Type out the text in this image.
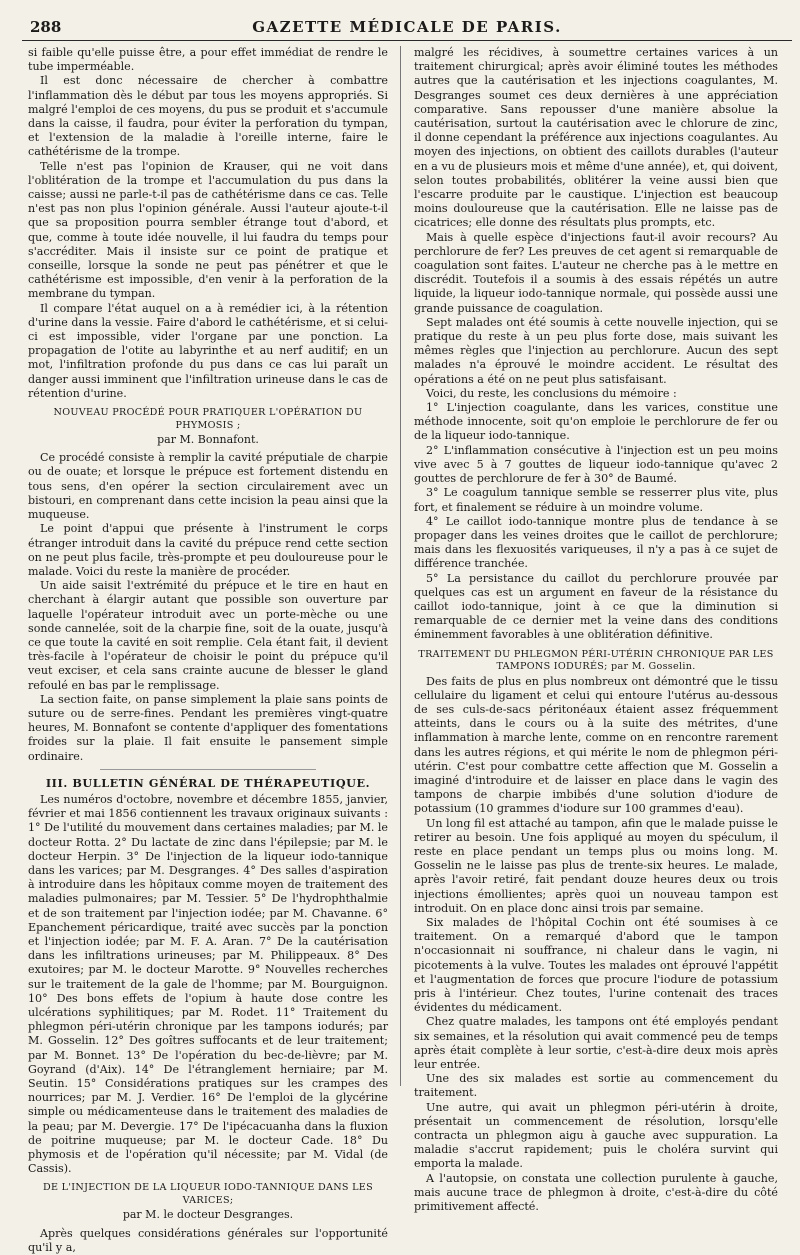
288	GAZETTE MÉDICALE DE PARIS.

si faible qu'elle puisse être, a pour effet immédiat de rendre le tube imperméable.

Il est donc nécessaire de chercher à combattre l'inflammation dès le début par tous les moyens appropriés. Si malgré l'emploi de ces moyens, du pus se produit et s'accumule dans la caisse, il faudra, pour éviter la perforation du tympan, et l'extension de la maladie à l'oreille interne, faire le cathétérisme de la trompe.

Telle n'est pas l'opinion de Krauser, qui ne voit dans l'oblitération de la trompe et l'accumulation du pus dans la caisse; aussi ne parle-t-il pas de cathétérisme dans ce cas. Telle n'est pas non plus l'opinion générale. Aussi l'auteur ajoute-t-il que sa proposition pourra sembler étrange tout d'abord, et que, comme à toute idée nouvelle, il lui faudra du temps pour s'accréditer. Mais il insiste sur ce point de pratique et conseille, lorsque la sonde ne peut pas pénétrer et que le cathétérisme est impossible, d'en venir à la perforation de la membrane du tympan.

Il compare l'état auquel on a à remédier ici, à la rétention d'urine dans la vessie. Faire d'abord le cathétérisme, et si celui-ci est impossible, vider l'organe par une ponction. La propagation de l'otite au labyrinthe et au nerf auditif; en un mot, l'infiltration profonde du pus dans ce cas lui paraît un danger aussi imminent que l'infiltration urineuse dans le cas de rétention d'urine.

NOUVEAU PROCÉDÉ POUR PRATIQUER L'OPÉRATION DU PHYMOSIS ;
par M. Bonnafont.

Ce procédé consiste à remplir la cavité préputiale de charpie ou de ouate; et lorsque le prépuce est fortement distendu en tous sens, d'en opérer la section circulairement avec un bistouri, en comprenant dans cette incision la peau ainsi que la muqueuse.

Le point d'appui que présente à l'instrument le corps étranger introduit dans la cavité du prépuce rend cette section on ne peut plus facile, très-prompte et peu douloureuse pour le malade. Voici du reste la manière de procéder.

Un aide saisit l'extrémité du prépuce et le tire en haut en cherchant à élargir autant que possible son ouverture par laquelle l'opérateur introduit avec un porte-mèche ou une sonde cannelée, soit de la charpie fine, soit de la ouate, jusqu'à ce que toute la cavité en soit remplie. Cela étant fait, il devient très-facile à l'opérateur de choisir le point du prépuce qu'il veut exciser, et cela sans crainte aucune de blesser le gland refoulé en bas par le remplissage.

La section faite, on panse simplement la plaie sans points de suture ou de serre-fines. Pendant les premières vingt-quatre heures, M. Bonnafont se contente d'appliquer des fomentations froides sur la plaie. Il fait ensuite le pansement simple ordinaire.

III. BULLETIN GÉNÉRAL DE THÉRAPEUTIQUE.

Les numéros d'octobre, novembre et décembre 1855, janvier, février et mai 1856 contiennent les travaux originaux suivants : 1° De l'utilité du mouvement dans certaines maladies; par M. le docteur Rotta. 2° Du lactate de zinc dans l'épilepsie; par M. le docteur Herpin. 3° De l'injection de la liqueur iodo-tannique dans les varices; par M. Desgranges. 4° Des salles d'aspiration à introduire dans les hôpitaux comme moyen de traitement des maladies pulmonaires; par M. Tessier. 5° De l'hydrophthalmie et de son traitement par l'injection iodée; par M. Chavanne. 6° Epanchement péricardique, traité avec succès par la ponction et l'injection iodée; par M. F. A. Aran. 7° De la cautérisation dans les infiltrations urineuses; par M. Philippeaux. 8° Des exutoires; par M. le docteur Marotte. 9° Nouvelles recherches sur le traitement de la gale de l'homme; par M. Bourguignon. 10° Des bons effets de l'opium à haute dose contre les ulcérations syphilitiques; par M. Rodet. 11° Traitement du phlegmon péri-utérin chronique par les tampons iodurés; par M. Gosselin. 12° Des goîtres suffocants et de leur traitement; par M. Bonnet. 13° De l'opération du bec-de-lièvre; par M. Goyrand (d'Aix). 14° De l'étranglement herniaire; par M. Seutin. 15° Considérations pratiques sur les crampes des nourrices; par M. J. Verdier. 16° De l'emploi de la glycérine simple ou médicamenteuse dans le traitement des maladies de la peau; par M. Devergie. 17° De l'ipécacuanha dans la fluxion de poitrine muqueuse; par M. le docteur Cade. 18° Du phymosis et de l'opération qu'il nécessite; par M. Vidal (de Cassis).

DE L'INJECTION DE LA LIQUEUR IODO-TANNIQUE DANS LES VARICES;
par M. le docteur Desgranges.

Après quelques considérations générales sur l'opportunité qu'il y a,

malgré les récidives, à soumettre certaines varices à un traitement chirurgical; après avoir éliminé toutes les méthodes autres que la cautérisation et les injections coagulantes, M. Desgranges soumet ces deux dernières à une appréciation comparative. Sans repousser d'une manière absolue la cautérisation, surtout la cautérisation avec le chlorure de zinc, il donne cependant la préférence aux injections coagulantes. Au moyen des injections, on obtient des caillots durables (l'auteur en a vu de plusieurs mois et même d'une année), et, qui doivent, selon toutes probabilités, oblitérer la veine aussi bien que l'escarre produite par le caustique. L'injection est beaucoup moins douloureuse que la cautérisation. Elle ne laisse pas de cicatrices; elle donne des résultats plus prompts, etc.

Mais à quelle espèce d'injections faut-il avoir recours? Au perchlorure de fer? Les preuves de cet agent si remarquable de coagulation sont faites. L'auteur ne cherche pas à le mettre en discrédit. Toutefois il a soumis à des essais répétés un autre liquide, la liqueur iodo-tannique normale, qui possède aussi une grande puissance de coagulation.

Sept malades ont été soumis à cette nouvelle injection, qui se pratique du reste à un peu plus forte dose, mais suivant les mêmes règles que l'injection au perchlorure. Aucun des sept malades n'a éprouvé le moindre accident. Le résultat des opérations a été on ne peut plus satisfaisant.

Voici, du reste, les conclusions du mémoire :

1° L'injection coagulante, dans les varices, constitue une méthode innocente, soit qu'on emploie le perchlorure de fer ou de la liqueur iodo-tannique.

2° L'inflammation consécutive à l'injection est un peu moins vive avec 5 à 7 gouttes de liqueur iodo-tannique qu'avec 2 gouttes de perchlorure de fer à 30° de Baumé.

3° Le coagulum tannique semble se resserrer plus vite, plus fort, et finalement se réduire à un moindre volume.

4° Le caillot iodo-tannique montre plus de tendance à se propager dans les veines droites que le caillot de perchlorure; mais dans les flexuosités variqueuses, il n'y a pas à ce sujet de différence tranchée.

5° La persistance du caillot du perchlorure prouvée par quelques cas est un argument en faveur de la résistance du caillot iodo-tannique, joint à ce que la diminution si remarquable de ce dernier met la veine dans des conditions éminemment favorables à une oblitération définitive.

TRAITEMENT DU PHLEGMON PÉRI-UTÉRIN CHRONIQUE PAR LES TAMPONS IODURÉS; par M. Gosselin.

Des faits de plus en plus nombreux ont démontré que le tissu cellulaire du ligament et celui qui entoure l'utérus au-dessous de ses culs-de-sacs péritonéaux étaient assez fréquemment atteints, dans le cours ou à la suite des métrites, d'une inflammation à marche lente, comme on en rencontre rarement dans les autres régions, et qui mérite le nom de phlegmon péri-utérin. C'est pour combattre cette affection que M. Gosselin a imaginé d'introduire et de laisser en place dans le vagin des tampons de charpie imbibés d'une solution d'iodure de potassium (10 grammes d'iodure sur 100 grammes d'eau).

Un long fil est attaché au tampon, afin que le malade puisse le retirer au besoin. Une fois appliqué au moyen du spéculum, il reste en place pendant un temps plus ou moins long. M. Gosselin ne le laisse pas plus de trente-six heures. Le malade, après l'avoir retiré, fait pendant douze heures deux ou trois injections émollientes; après quoi un nouveau tampon est introduit. On en place donc ainsi trois par semaine.

Six malades de l'hôpital Cochin ont été soumises à ce traitement. On a remarqué d'abord que le tampon n'occasionnait ni souffrance, ni chaleur dans le vagin, ni picotements à la vulve. Toutes les malades ont éprouvé l'appétit et l'augmentation de forces que procure l'iodure de potassium pris à l'intérieur. Chez toutes, l'urine contenait des traces évidentes du médicament.

Chez quatre malades, les tampons ont été employés pendant six semaines, et la résolution qui avait commencé peu de temps après était complète à leur sortie, c'est-à-dire deux mois après leur entrée.

Une des six malades est sortie au commencement du traitement.

Une autre, qui avait un phlegmon péri-utérin à droite, présentait un commencement de résolution, lorsqu'elle contracta un phlegmon aigu à gauche avec suppuration. La maladie s'accrut rapidement; puis le choléra survint qui emporta la malade.

A l'autopsie, on constata une collection purulente à gauche, mais aucune trace de phlegmon à droite, c'est-à-dire du côté primitivement affecté.
